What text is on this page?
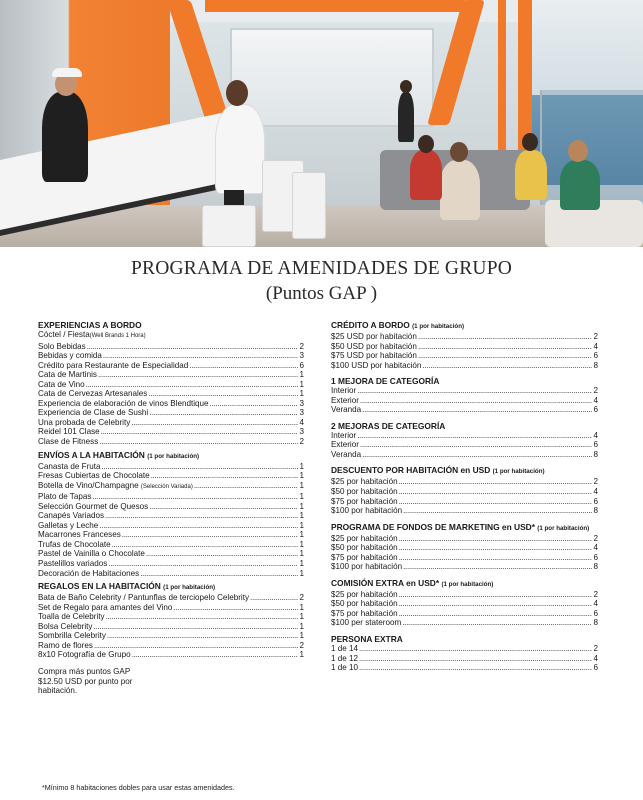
PROGRAMA DE AMENIDADES DE GRUPO
(Puntos GAP )
EXPERIENCIAS A BORDO
Cóctel / Fiesta(Well Brands 1 Hora)
Solo Bebidas .....	2
Bebidas y comida .....	3
Crédito para Restaurante de Especialidad .....	6
Cata de Martinis .....	1
Cata de Vino .....	1
Cata de Cervezas Artesanales .....	1
Experiencia de elaboración de vinos Blendtique .....	3
Experiencia de Clase de Sushi .....	3
Una probada de Celebrity .....	4
Reidel 101 Clase .....	3
Clase de Fitness .....	2
ENVÍOS A LA HABITACIÓN (1 por habitación)
Canasta de Fruta .....	1
Fresas Cubiertas de Chocolate .....	1
Botella de Vino/Champagne (Selección Variada) .....	1
Plato de Tapas .....	1
Selección Gourmet de Quesos .....	1
Canapés Variados .....	1
Galletas y Leche .....	1
Macarrones Franceses .....	1
Trufas de Chocolate .....	1
Pastel de Vainilla o Chocolate .....	1
Pastelillos variados .....	1
Decoración de Habitaciones .....	1
REGALOS EN LA HABITACIÓN (1 por habitación)
Bata de Baño Celebrity / Pantunflas de terciopelo Celebrity .....	2
Set de Regalo para amantes del Vino .....	1
Toalla de Celebrity .....	1
Bolsa Celebrity .....	1
Sombrilla Celebrity .....	1
Ramo de flores .....	2
8x10 Fotografía de Grupo .....	1
Compra más puntos GAP
$12.50 USD por punto por
habitación.
CRÉDITO A BORDO (1 por habitación)
$25 USD por habitación .....	2
$50 USD por habitación .....	4
$75 USD por habitación .....	6
$100 USD por habitación .....	8
1 MEJORA DE CATEGORÍA
Interior .....	2
Exterior .....	4
Veranda .....	6
2 MEJORAS DE CATEGORÍA
Interior .....	4
Exterior .....	6
Veranda .....	8
DESCUENTO POR HABITACIÓN en USD (1 por habitación)
$25 por habitación .....	2
$50 por habitación .....	4
$75 por habitación .....	6
$100 por habitación .....	8
PROGRAMA DE FONDOS DE MARKETING en USD* (1 por habitación)
$25 por habitación .....	2
$50 por habitación .....	4
$75 por habitación .....	6
$100 por habitación .....	8
COMISIÓN EXTRA en USD* (1 por habitación)
$25 por habitación .....	2
$50 por habitación .....	4
$75 por habitación .....	6
$100 per stateroom .....	8
PERSONA EXTRA
1 de 14 .....	2
1 de 12 .....	4
1 de 10 .....	6
*Mínimo 8 habitaciones dobles para usar estas amenidades.
